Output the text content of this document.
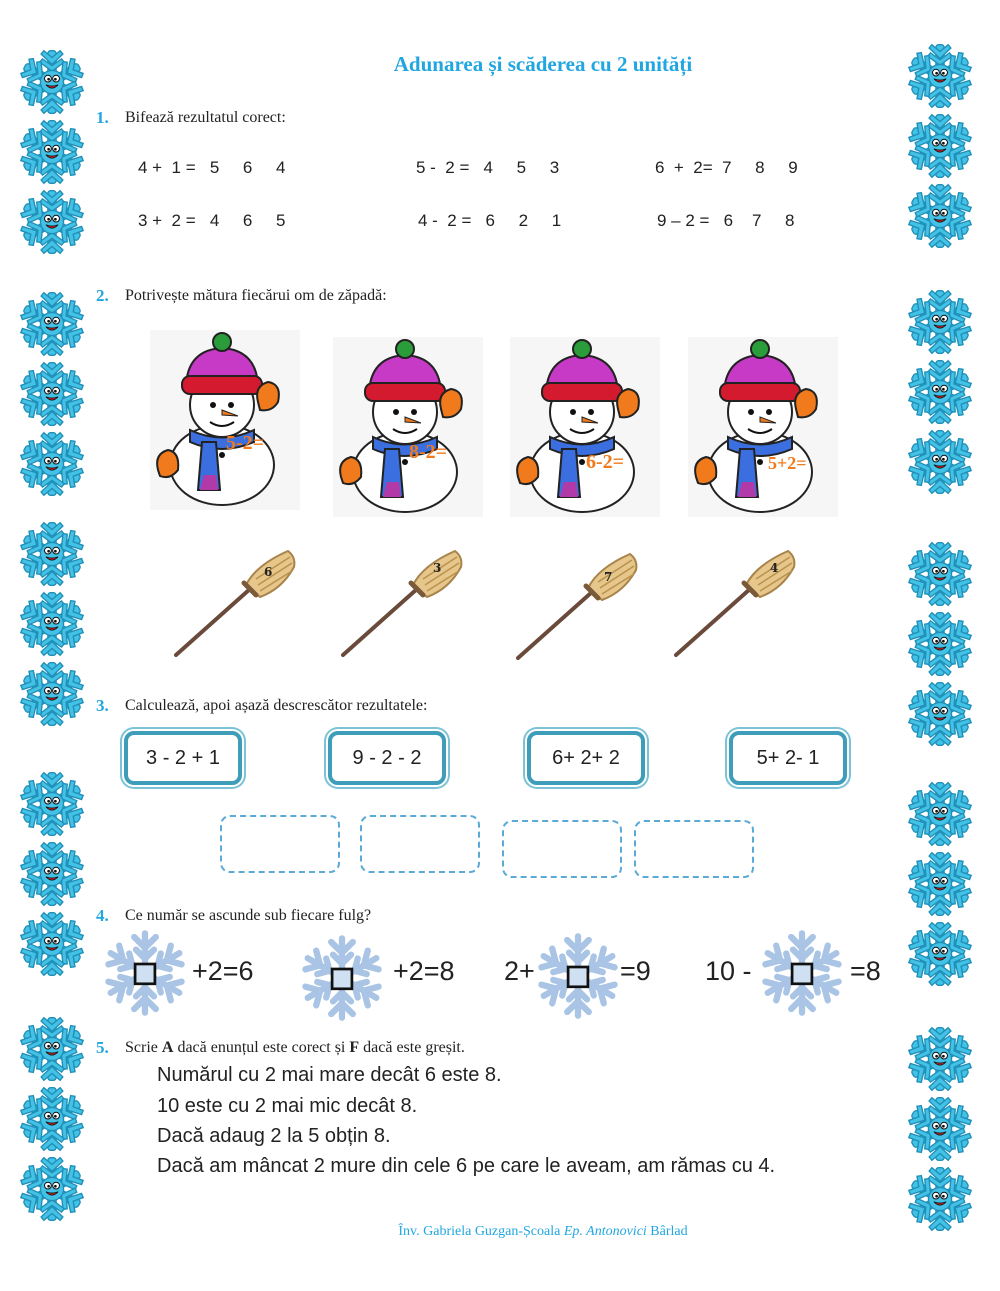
Adunarea și scăderea cu 2 unități
1. Bifează rezultatul corect:
4 +  1 =   5     6     4	5 -  2 =   4     5     3	6  +  2=  7     8     9
3 +  2 =   4     6     5	4 -  2 =   6     2     1	9 – 2 =   6    7     8
2. Potrivește mătura fiecărui om de zăpadă:
5-2=	8-2=	6-2=	5+2=
6	3
7
4
3. Calculează, apoi așază descrescător rezultatele:
3 - 2 + 1	9 - 2 - 2	6+ 2+ 2	5+ 2- 1
4. Ce număr se ascunde sub fiecare fulg?
+2=6	+2=8 2+	=9 10 -	=8
5. Scrie A dacă enunțul este corect și F dacă este greșit.
Numărul cu 2 mai mare decât 6 este 8.
10 este cu 2 mai mic decât 8.
Dacă adaug 2 la 5 obțin 8.
Dacă am mâncat 2 mure din cele 6 pe care le aveam, am rămas cu 4.
Înv. Gabriela Guzgan-Școala Ep. Antonovici Bârlad
